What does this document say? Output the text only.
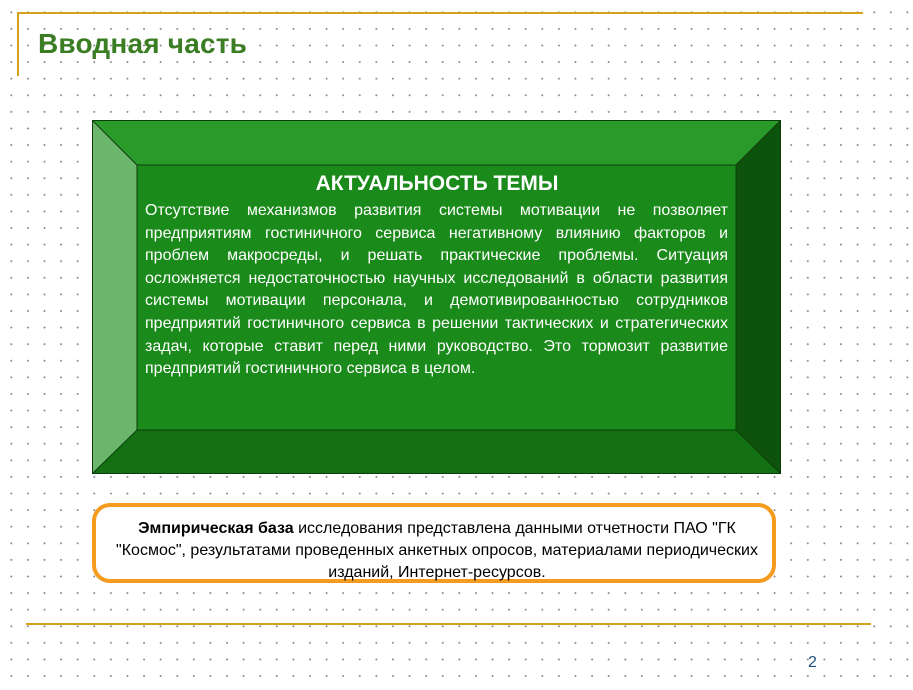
Вводная часть
АКТУАЛЬНОСТЬ ТЕМЫ

Отсутствие механизмов развития системы мотивации не позволяет предприятиям гостиничного сервиса негативному влиянию факторов и проблем макросреды, и решать практические проблемы. Ситуация осложняется недостаточностью научных исследований в области развития системы мотивации персонала, и демотивированностью сотрудников предприятий гостиничного сервиса в решении тактических и стратегических задач, которые ставит перед ними руководство. Это тормозит развитие предприятий гостиничного сервиса в целом.

Эмпирическая база исследования представлена данными отчетности ПАО "ГК "Космос", результатами проведенных анкетных опросов, материалами периодических изданий, Интернет-ресурсов.

2
